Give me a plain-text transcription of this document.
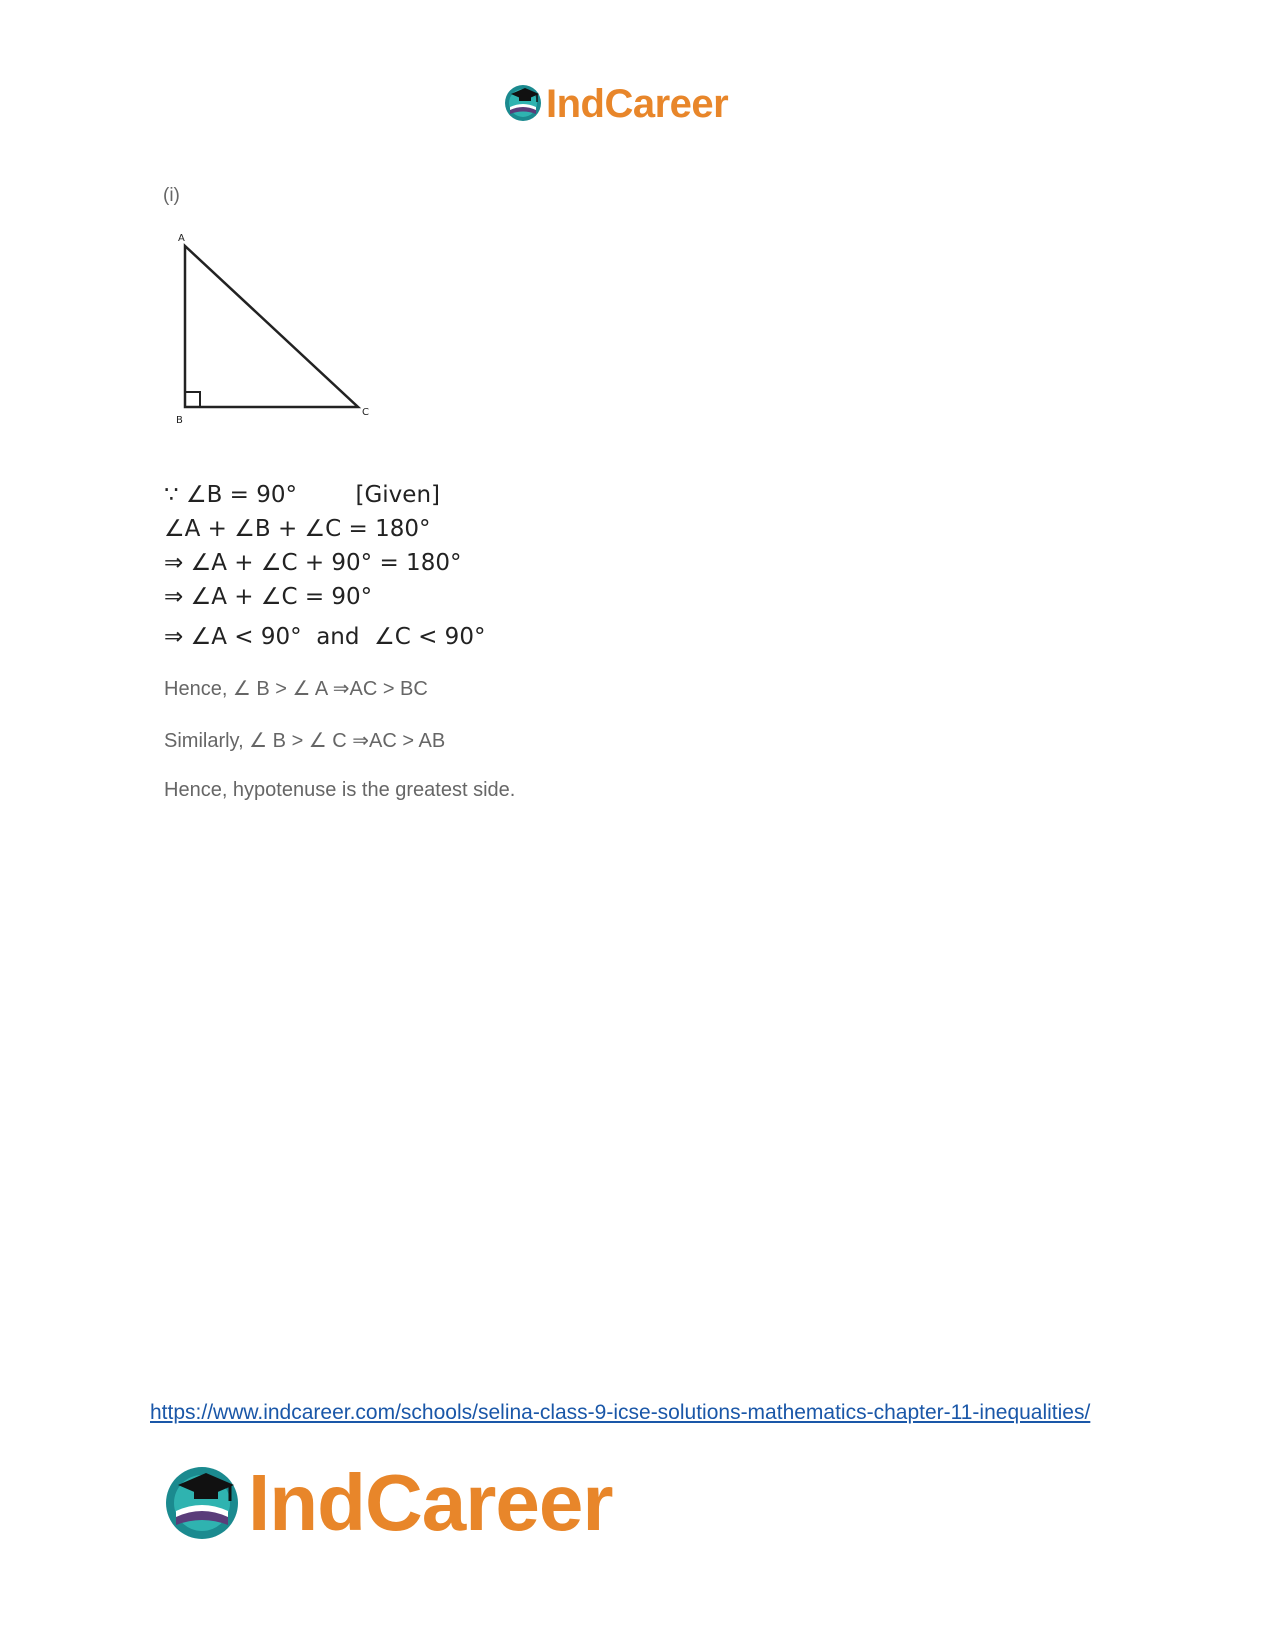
IndCareer
(i)
A
B
C
∵ ∠B = 90°        [Given]
∠A + ∠B + ∠C = 180°
⇒ ∠A + ∠C + 90° = 180°
⇒ ∠A + ∠C = 90°
⇒ ∠A < 90°  and  ∠C < 90°
Hence, ∠ B > ∠ A ⇒AC > BC
Similarly, ∠ B > ∠ C ⇒AC > AB
Hence, hypotenuse is the greatest side.
https://www.indcareer.com/schools/selina-class-9-icse-solutions-mathematics-chapter-11-inequalities/
IndCareer
